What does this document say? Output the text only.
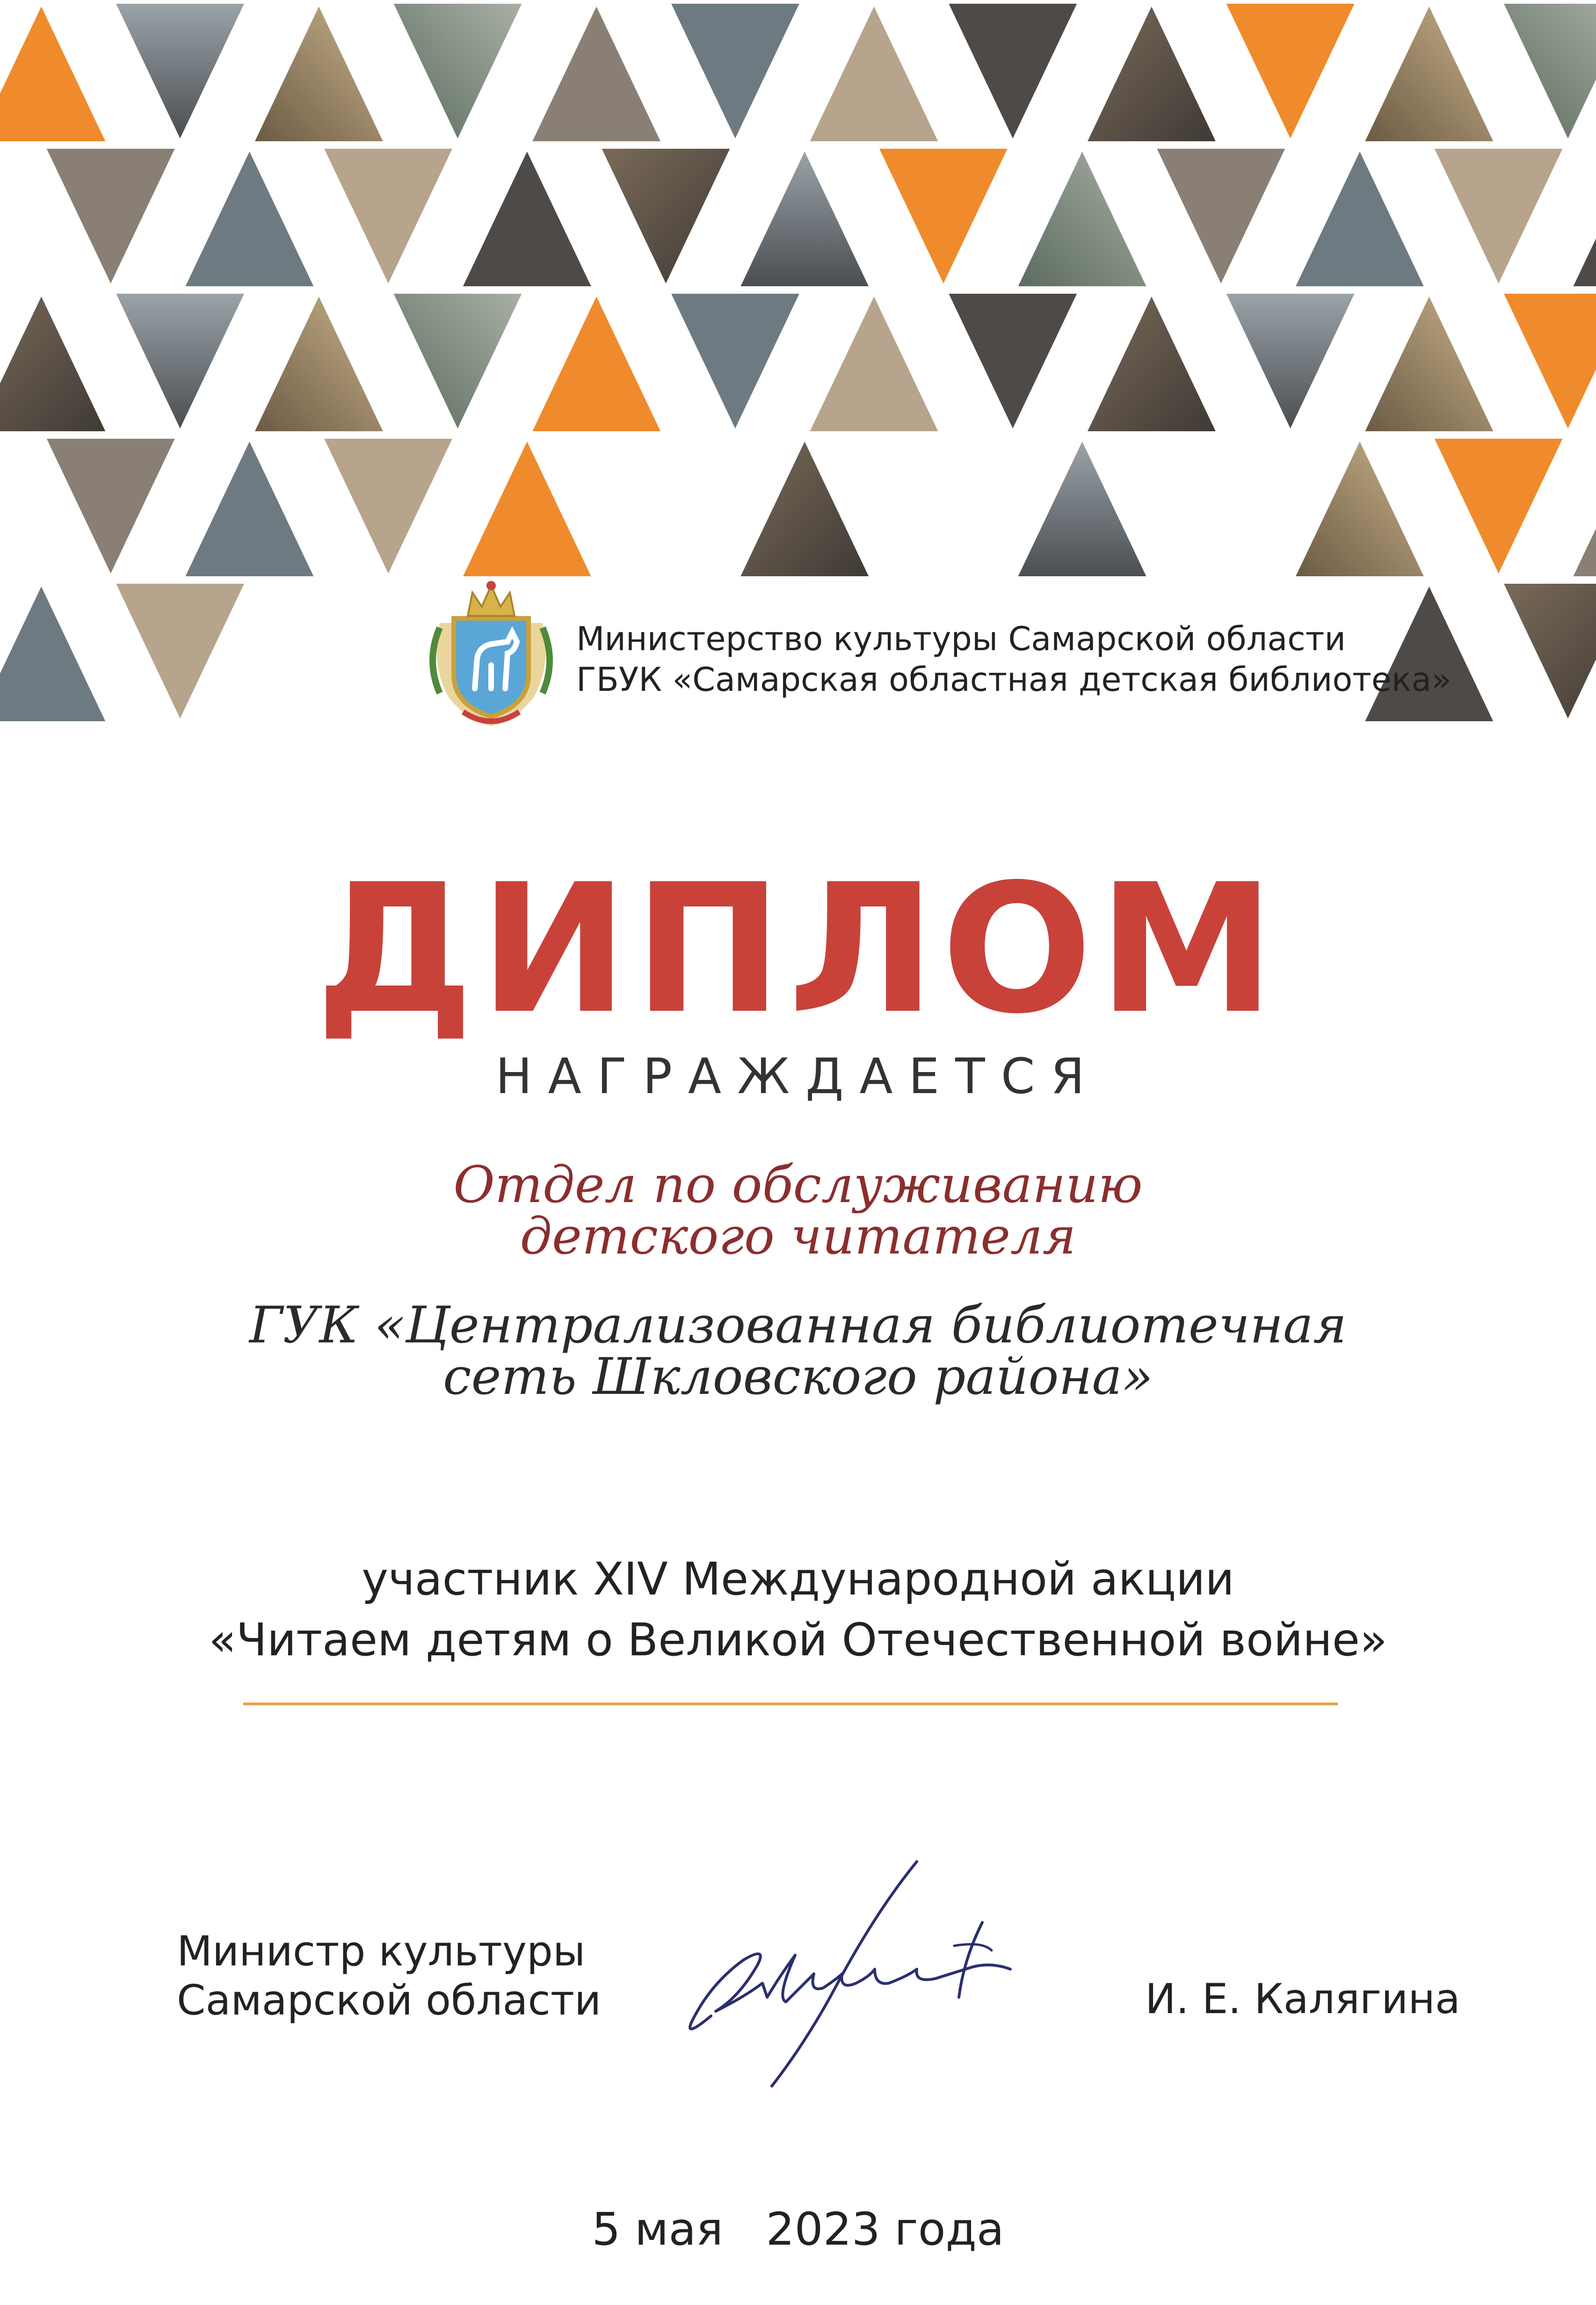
Министерство культуры Самарской области
ГБУК «Самарская областная детская библиотека»
ДИПЛОМ
НАГРАЖДАЕТСЯ
Отдел по обслуживанию
детского читателя
ГУК «Централизованная библиотечная
сеть Шкловского района»
участник XIV Международной акции
«Читаем детям о Великой Отечественной войне»
Министр культуры
Самарской области	И. Е. Калягина
5 мая   2023 года
